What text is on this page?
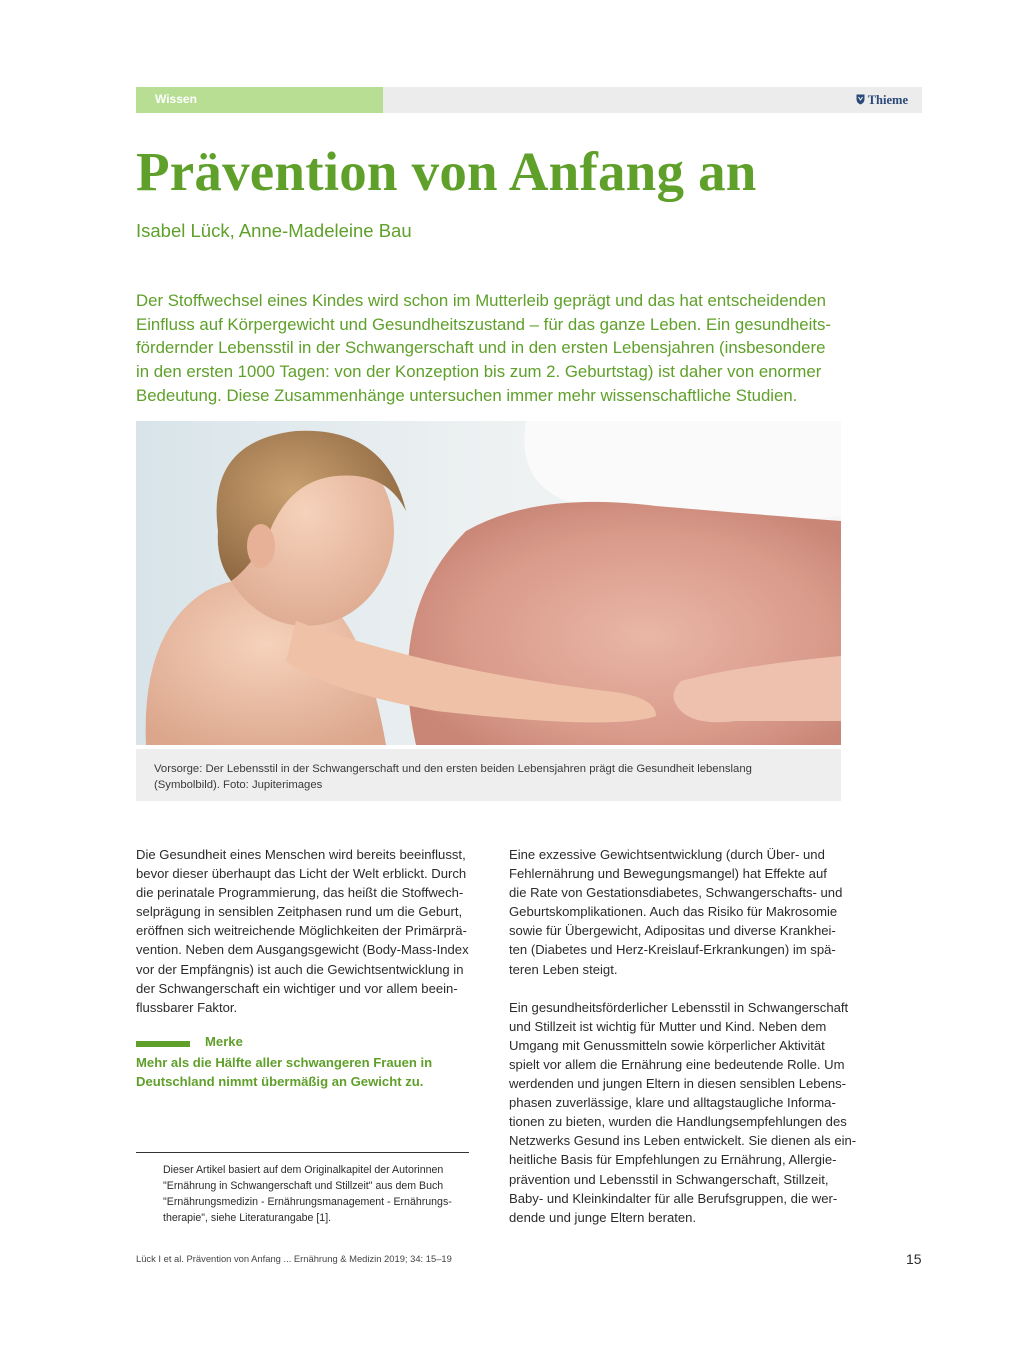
Wissen	Thieme
Prävention von Anfang an
Isabel Lück, Anne-Madeleine Bau
Der Stoffwechsel eines Kindes wird schon im Mutterleib geprägt und das hat entscheidenden
Einfluss auf Körpergewicht und Gesundheitszustand – für das ganze Leben. Ein gesundheits-
fördernder Lebensstil in der Schwangerschaft und in den ersten Lebensjahren (insbesondere
in den ersten 1000 Tagen: von der Konzeption bis zum 2. Geburtstag) ist daher von enormer
Bedeutung. Diese Zusammenhänge untersuchen immer mehr wissenschaftliche Studien.
Vorsorge: Der Lebensstil in der Schwangerschaft und den ersten beiden Lebensjahren prägt die Gesundheit lebenslang
(Symbolbild). Foto: Jupiterimages
Die Gesundheit eines Menschen wird bereits beeinflusst,
bevor dieser überhaupt das Licht der Welt erblickt. Durch
die perinatale Programmierung, das heißt die Stoffwech-
selprägung in sensiblen Zeitphasen rund um die Geburt,
eröffnen sich weitreichende Möglichkeiten der Primärprä-
vention. Neben dem Ausgangsgewicht (Body-Mass-Index
vor der Empfängnis) ist auch die Gewichtsentwicklung in
der Schwangerschaft ein wichtiger und vor allem beein-
flussbarer Faktor.
Merke
Mehr als die Hälfte aller schwangeren Frauen in
Deutschland nimmt übermäßig an Gewicht zu.
Dieser Artikel basiert auf dem Originalkapitel der Autorinnen
"Ernährung in Schwangerschaft und Stillzeit" aus dem Buch
"Ernährungsmedizin - Ernährungsmanagement - Ernährungs-
therapie", siehe Literaturangabe [1].
Eine exzessive Gewichtsentwicklung (durch Über- und
Fehlernährung und Bewegungsmangel) hat Effekte auf
die Rate von Gestationsdiabetes, Schwangerschafts- und
Geburtskomplikationen. Auch das Risiko für Makrosomie
sowie für Übergewicht, Adipositas und diverse Krankhei-
ten (Diabetes und Herz-Kreislauf-Erkrankungen) im spä-
teren Leben steigt.
Ein gesundheitsförderlicher Lebensstil in Schwangerschaft
und Stillzeit ist wichtig für Mutter und Kind. Neben dem
Umgang mit Genussmitteln sowie körperlicher Aktivität
spielt vor allem die Ernährung eine bedeutende Rolle. Um
werdenden und jungen Eltern in diesen sensiblen Lebens-
phasen zuverlässige, klare und alltagstaugliche Informa-
tionen zu bieten, wurden die Handlungsempfehlungen des
Netzwerks Gesund ins Leben entwickelt. Sie dienen als ein-
heitliche Basis für Empfehlungen zu Ernährung, Allergie-
prävention und Lebensstil in Schwangerschaft, Stillzeit,
Baby- und Kleinkindalter für alle Berufsgruppen, die wer-
dende und junge Eltern beraten.
Lück I et al. Prävention von Anfang ... Ernährung & Medizin 2019; 34: 15–19	15
